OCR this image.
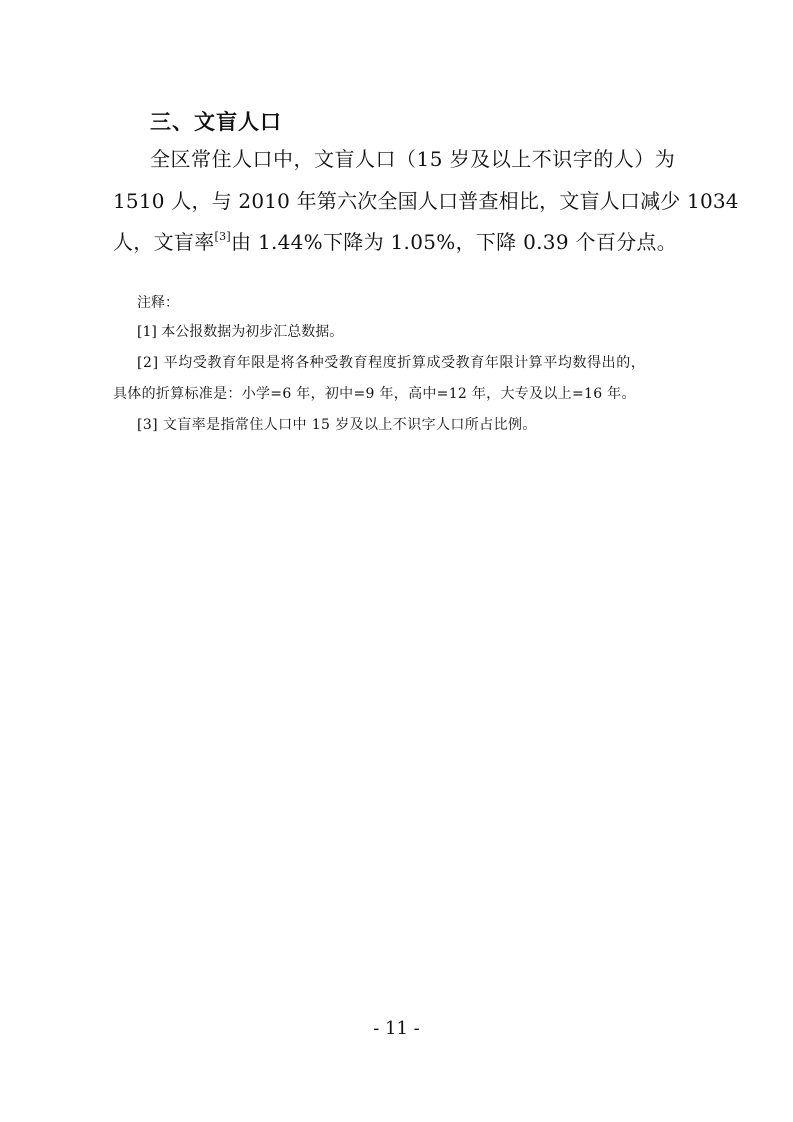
三、文盲人口
全区常住人口中，文盲人口（15 岁及以上不识字的人）为
1510 人，与 2010 年第六次全国人口普查相比，文盲人口减少 1034
人，文盲率[3]由 1.44%下降为 1.05%，下降 0.39 个百分点。
注释：
[1] 本公报数据为初步汇总数据。
[2] 平均受教育年限是将各种受教育程度折算成受教育年限计算平均数得出的，
具体的折算标准是：小学=6 年，初中=9 年，高中=12 年，大专及以上=16 年。
[3] 文盲率是指常住人口中 15 岁及以上不识字人口所占比例。
- 11 -
